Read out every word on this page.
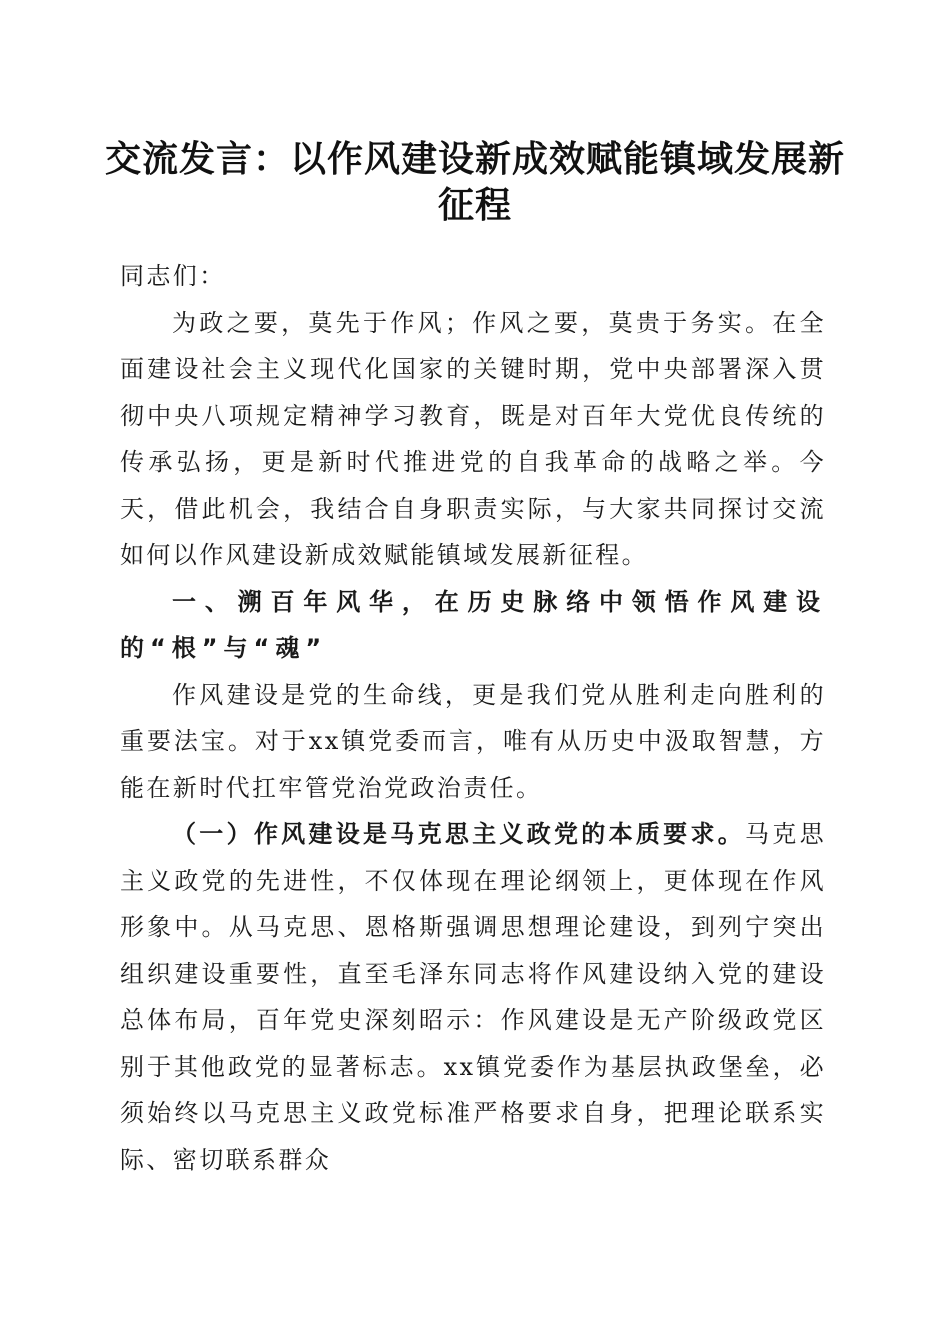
交流发言：以作风建设新成效赋能镇域发展新征程

同志们：

为政之要，莫先于作风；作风之要，莫贵于务实。在全面建设社会主义现代化国家的关键时期，党中央部署深入贯彻中央八项规定精神学习教育，既是对百年大党优良传统的传承弘扬，更是新时代推进党的自我革命的战略之举。今天，借此机会，我结合自身职责实际，与大家共同探讨交流如何以作风建设新成效赋能镇域发展新征程。

一、溯百年风华，在历史脉络中领悟作风建设的“根”与“魂”

作风建设是党的生命线，更是我们党从胜利走向胜利的重要法宝。对于xx镇党委而言，唯有从历史中汲取智慧，方能在新时代扛牢管党治党政治责任。

（一）作风建设是马克思主义政党的本质要求。马克思主义政党的先进性，不仅体现在理论纲领上，更体现在作风形象中。从马克思、恩格斯强调思想理论建设，到列宁突出组织建设重要性，直至毛泽东同志将作风建设纳入党的建设总体布局，百年党史深刻昭示：作风建设是无产阶级政党区别于其他政党的显著标志。xx镇党委作为基层执政堡垒，必须始终以马克思主义政党标准严格要求自身，把理论联系实际、密切联系群众
